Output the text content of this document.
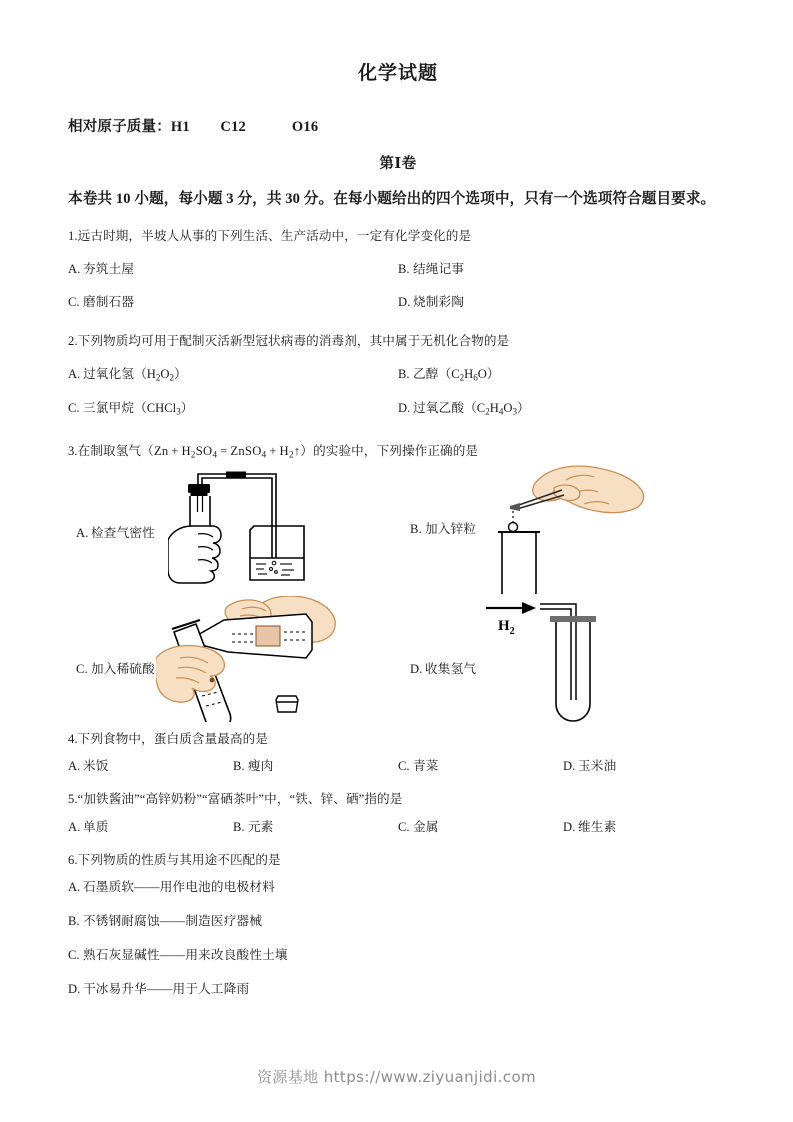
化学试题
相对原子质量：H1        C12            O16
第Ⅰ卷
本卷共 10 小题，每小题 3 分，共 30 分。在每小题给出的四个选项中，只有一个选项符合题目要求。
1.远古时期，半坡人从事的下列生活、生产活动中，一定有化学变化的是
A. 夯筑土屋	B. 结绳记事
C. 磨制石器	D. 烧制彩陶
2.下列物质均可用于配制灭活新型冠状病毒的消毒剂，其中属于无机化合物的是
A. 过氧化氢$(H_2O_2)$	B. 乙醇$(C_2H_6O)$
C. 三氯甲烷（CHCl$_3$）	D. 过氧乙酸$(C_2H_4O_3)$
3.在制取氢气（$Zn + H_2SO_4$  =  ZnSO$_4$  +  $H_2↑$）的实验中，下列操作正确的是
A. 检查气密性	B. 加入锌粒
C. 加入稀硫酸	D. 收集氢气
$H_2$
4.下列食物中，蛋白质含量最高的是
A. 米饭	B. 瘦肉	C. 青菜	D. 玉米油
5.“加铁酱油”“高锌奶粉”“富硒茶叶”中，“铁、锌、硒”指的是
A. 单质	B. 元素	C. 金属	D. 维生素
6.下列物质的性质与其用途不匹配的是
A. 石墨质软——用作电池的电极材料
B. 不锈钢耐腐蚀——制造医疗器械
C. 熟石灰显碱性——用来改良酸性土壤
D. 干冰易升华——用于人工降雨
资源基地 https://www.ziyuanjidi.com
